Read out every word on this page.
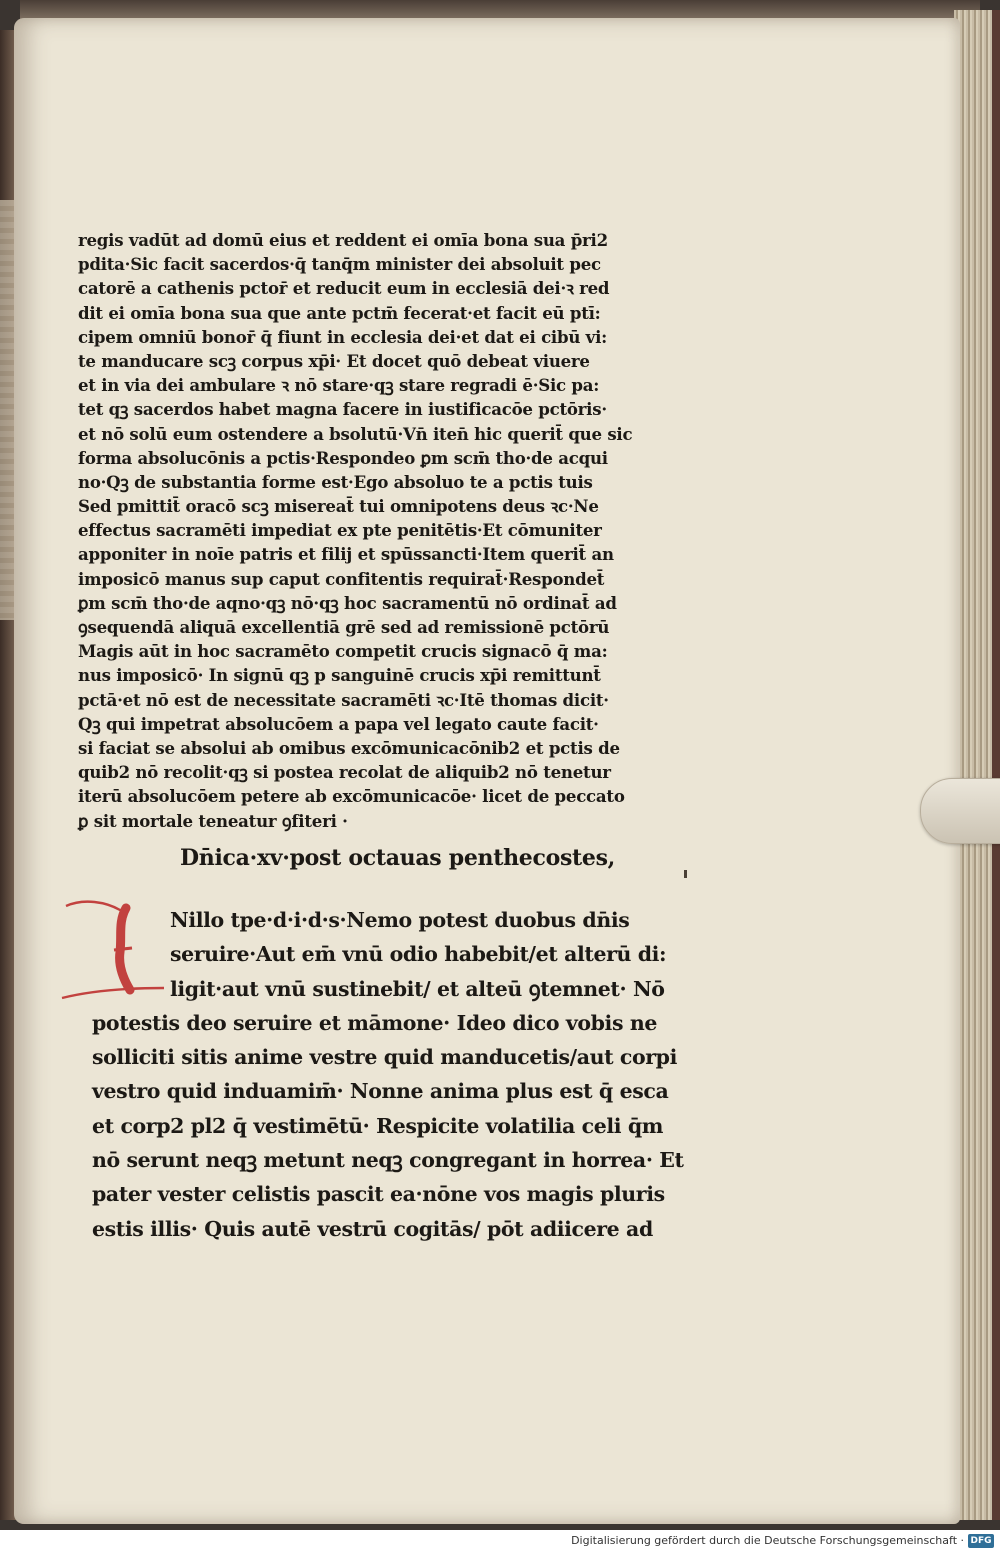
regis vadūt ad domū eius et reddent ei omīa bona sua p̄ri2
pdita·Sic facit sacerdos·q̄ tanq̄m minister dei absoluit pec
catorē a cathenis pctor̄ et reducit eum in ecclesiā dei·ꝛ red
dit ei omīa bona sua que ante pctm̄ fecerat·et facit eū ptī:
cipem omniū bonor̄ q̄ fiunt in ecclesia dei·et dat ei cibū vi:
te manducare scꝫ corpus xp̄i· Et docet quō debeat viuere
et in via dei ambulare ꝛ nō stare·qꝫ stare regradi ē·Sic pa:
tet qꝫ sacerdos habet magna facere in iustificacōe pctōris·
et nō solū eum ostendere a bsolutū·Vn̄ iten̄ hic querit̄ que sic
forma absolucōnis a pctis·Respondeo ꝑm scm̄ tho·de acqui
no·Qꝫ de substantia forme est·Ego absoluo te a pctis tuis
Sed pmittit̄ oracō scꝫ misereat̄ tui omnipotens deus ꝛc·Ne
effectus sacramēti impediat ex pte penitētis·Et cōmuniter
apponiter in noīe patris et filij et spūssancti·Item querit̄ an
imposicō manus sup caput confitentis requirat̄·Respondet̄
ꝑm scm̄ tho·de aqno·qꝫ nō·qꝫ hoc sacramentū nō ordinat̄ ad
ꝯsequendā aliquā excellentiā grē sed ad remissionē pctōrū
Magis aūt in hoc sacramēto competit crucis signacō q̄ ma:
nus imposicō· In signū qꝫ p sanguinē crucis xp̄i remittunt̄
pctā·et nō est de necessitate sacramēti ꝛc·Itē thomas dicit·
Qꝫ qui impetrat absolucōem a papa vel legato caute facit·
si faciat se absolui ab omibus excōmunicacōnib2 et pctis de
quib2 nō recolit·qꝫ si postea recolat de aliquib2 nō tenetur
iterū absolucōem petere ab excōmunicacōe· licet de peccato
ꝑ sit mortale teneatur ꝯfiteri ·
Dn̄ica·xv·post octauas penthecostes,
Nillo tpe·d·i·d·s·Nemo potest duobus dn̄is
seruire·Aut em̄ vnū odio habebit/et alterū di:
ligit·aut vnū sustinebit/ et alteū ꝯtemnet· Nō
potestis deo seruire et māmone· Ideo dico vobis ne
solliciti sitis anime vestre quid manducetis/aut corpi
vestro quid induamim̄· Nonne anima plus est q̄ esca
et corp2 pl2 q̄ vestimētū· Respicite volatilia celi q̄m
nō serunt neqꝫ metunt neqꝫ congregant in horrea· Et
pater vester celistis pascit ea·nōne vos magis pluris
estis illis· Quis autē vestrū cogitās/ pōt adiicere ad
Digitalisierung gefördert durch die Deutsche Forschungsgemeinschaft · DFG
